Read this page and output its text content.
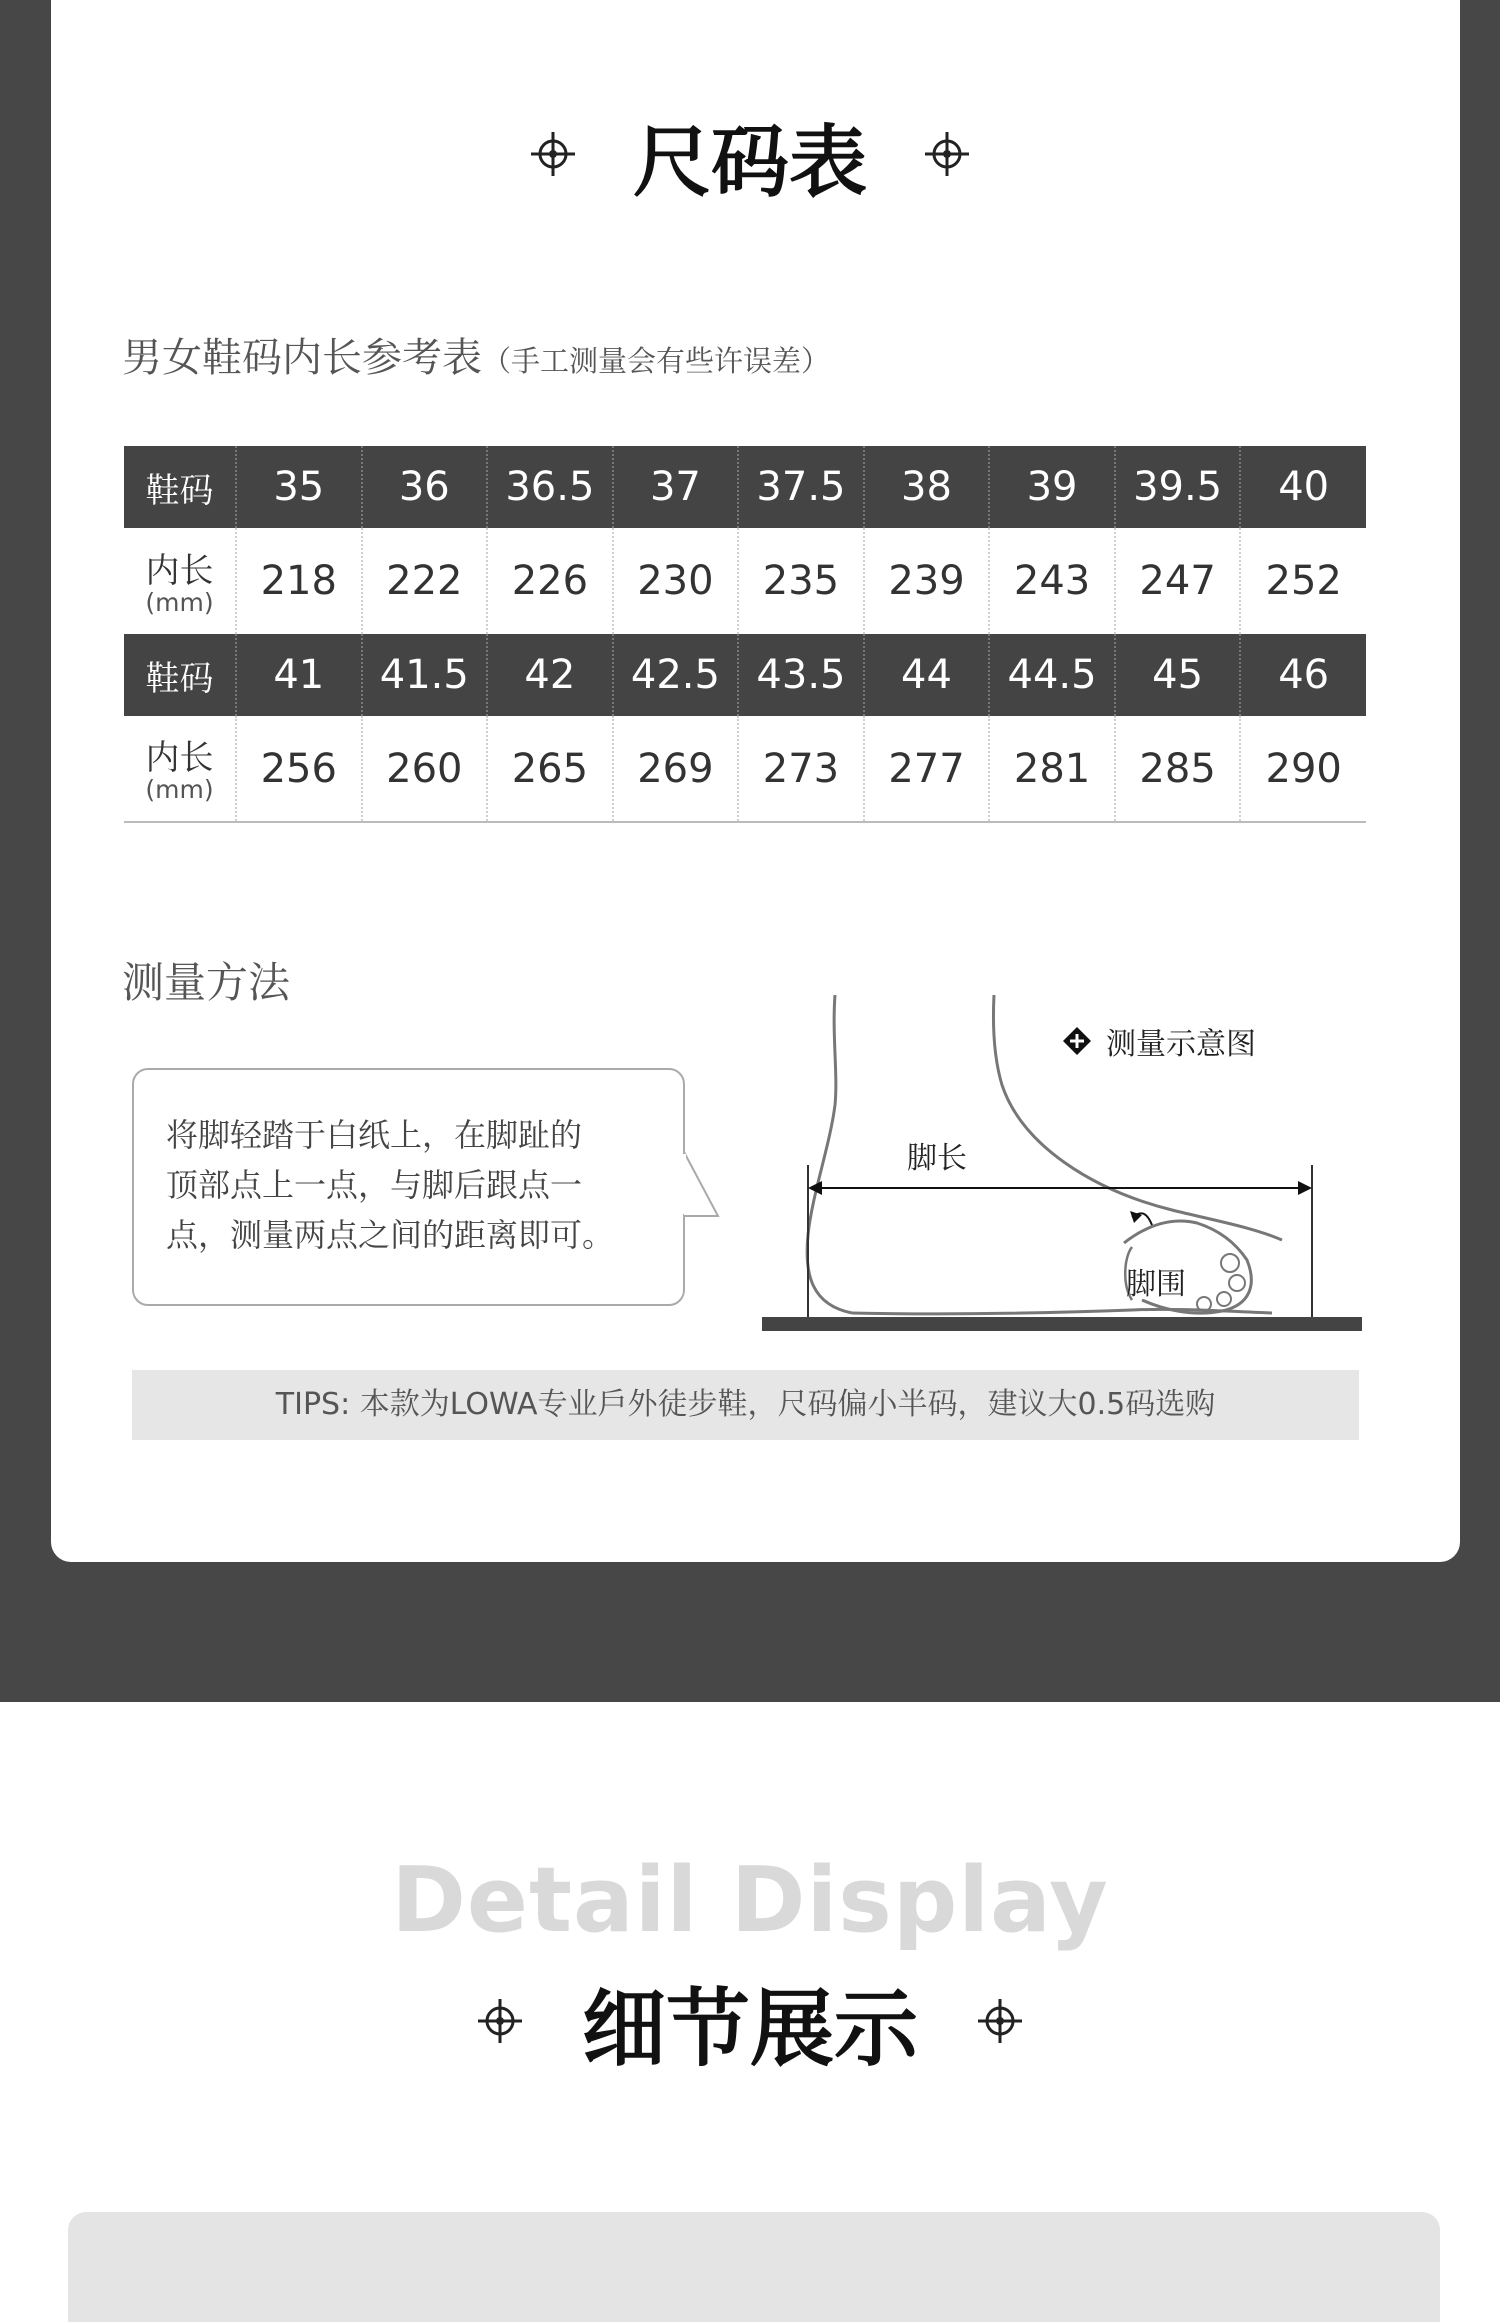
尺码表
男女鞋码内长参考表（手工测量会有些许误差）
鞋码	35	36	36.5	37	37.5	38	39	39.5	40
内长
(mm)	218	222	226	230	235	239	243	247	252
鞋码	41	41.5	42	42.5	43.5	44	44.5	45	46
内长
(mm)	256	260	265	269	273	277	281	285	290
测量方法
将脚轻踏于白纸上，在脚趾的
顶部点上一点，与脚后跟点一
点，测量两点之间的距离即可。
脚长
脚围
测量示意图
TIPS: 本款为LOWA专业戶外徒步鞋，尺码偏小半码，建议大0.5码选购
Detail Display
细节展示
